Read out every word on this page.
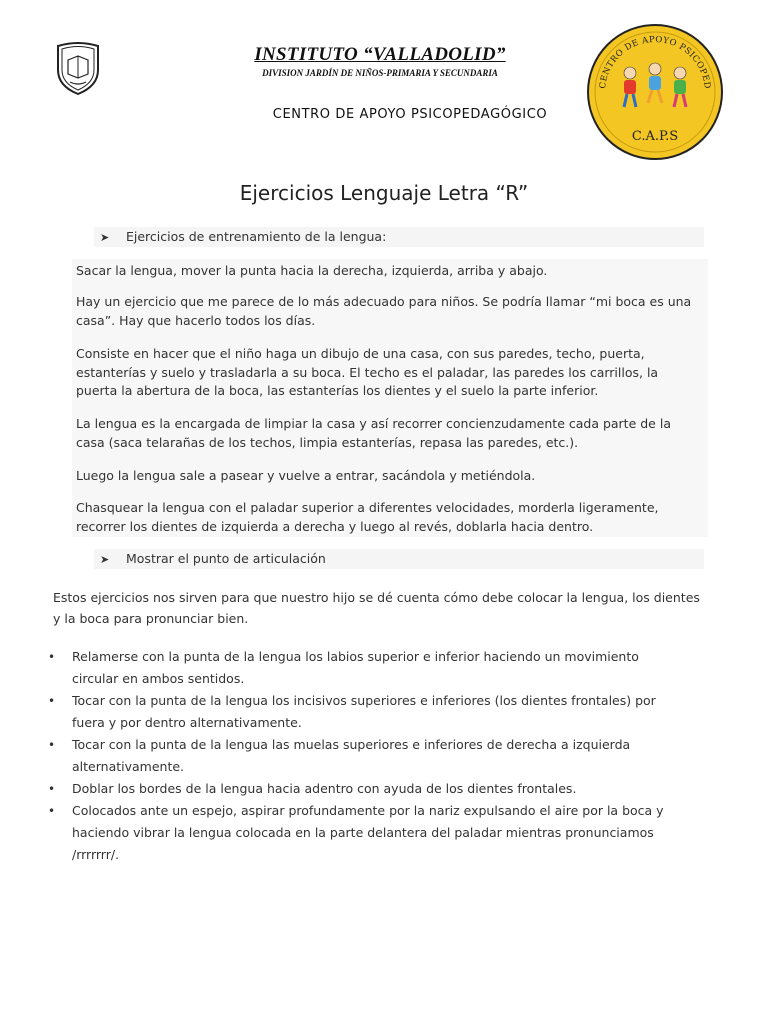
INSTITUTO “VALLADOLID”
DIVISION JARDÍN DE NIÑOS-PRIMARIA Y SECUNDARIA
CENTRO DE APOYO PSICOPEDAGÓGICO
CENTRO DE APOYO PSICOPED
C.A.P.S
Ejercicios Lenguaje Letra “R”
➤ Ejercicios de entrenamiento de la lengua:

Sacar la lengua, mover la punta hacia la derecha, izquierda, arriba y abajo.

Hay un ejercicio que me parece de lo más adecuado para niños. Se podría llamar “mi boca es una casa”. Hay que hacerlo todos los días.

Consiste en hacer que el niño haga un dibujo de una casa, con sus paredes, techo, puerta, estanterías y suelo y trasladarla a su boca. El techo es el paladar, las paredes los carrillos, la puerta la abertura de la boca, las estanterías los dientes y el suelo la parte inferior.

La lengua es la encargada de limpiar la casa y así recorrer concienzudamente cada parte de la casa (saca telarañas de los techos, limpia estanterías, repasa las paredes, etc.).

Luego la lengua sale a pasear y vuelve a entrar, sacándola y metiéndola.

Chasquear la lengua con el paladar superior a diferentes velocidades, morderla ligeramente, recorrer los dientes de izquierda a derecha y luego al revés, doblarla hacia dentro.

➤ Mostrar el punto de articulación

Estos ejercicios nos sirven para que nuestro hijo se dé cuenta cómo debe colocar la lengua, los dientes y la boca para pronunciar bien.

• Relamerse con la punta de la lengua los labios superior e inferior haciendo un movimiento circular en ambos sentidos.
• Tocar con la punta de la lengua los incisivos superiores e inferiores (los dientes frontales) por fuera y por dentro alternativamente.
• Tocar con la punta de la lengua las muelas superiores e inferiores de derecha a izquierda alternativamente.
• Doblar los bordes de la lengua hacia adentro con ayuda de los dientes frontales.
• Colocados ante un espejo, aspirar profundamente por la nariz expulsando el aire por la boca y haciendo vibrar la lengua colocada en la parte delantera del paladar mientras pronunciamos /rrrrrrr/.
